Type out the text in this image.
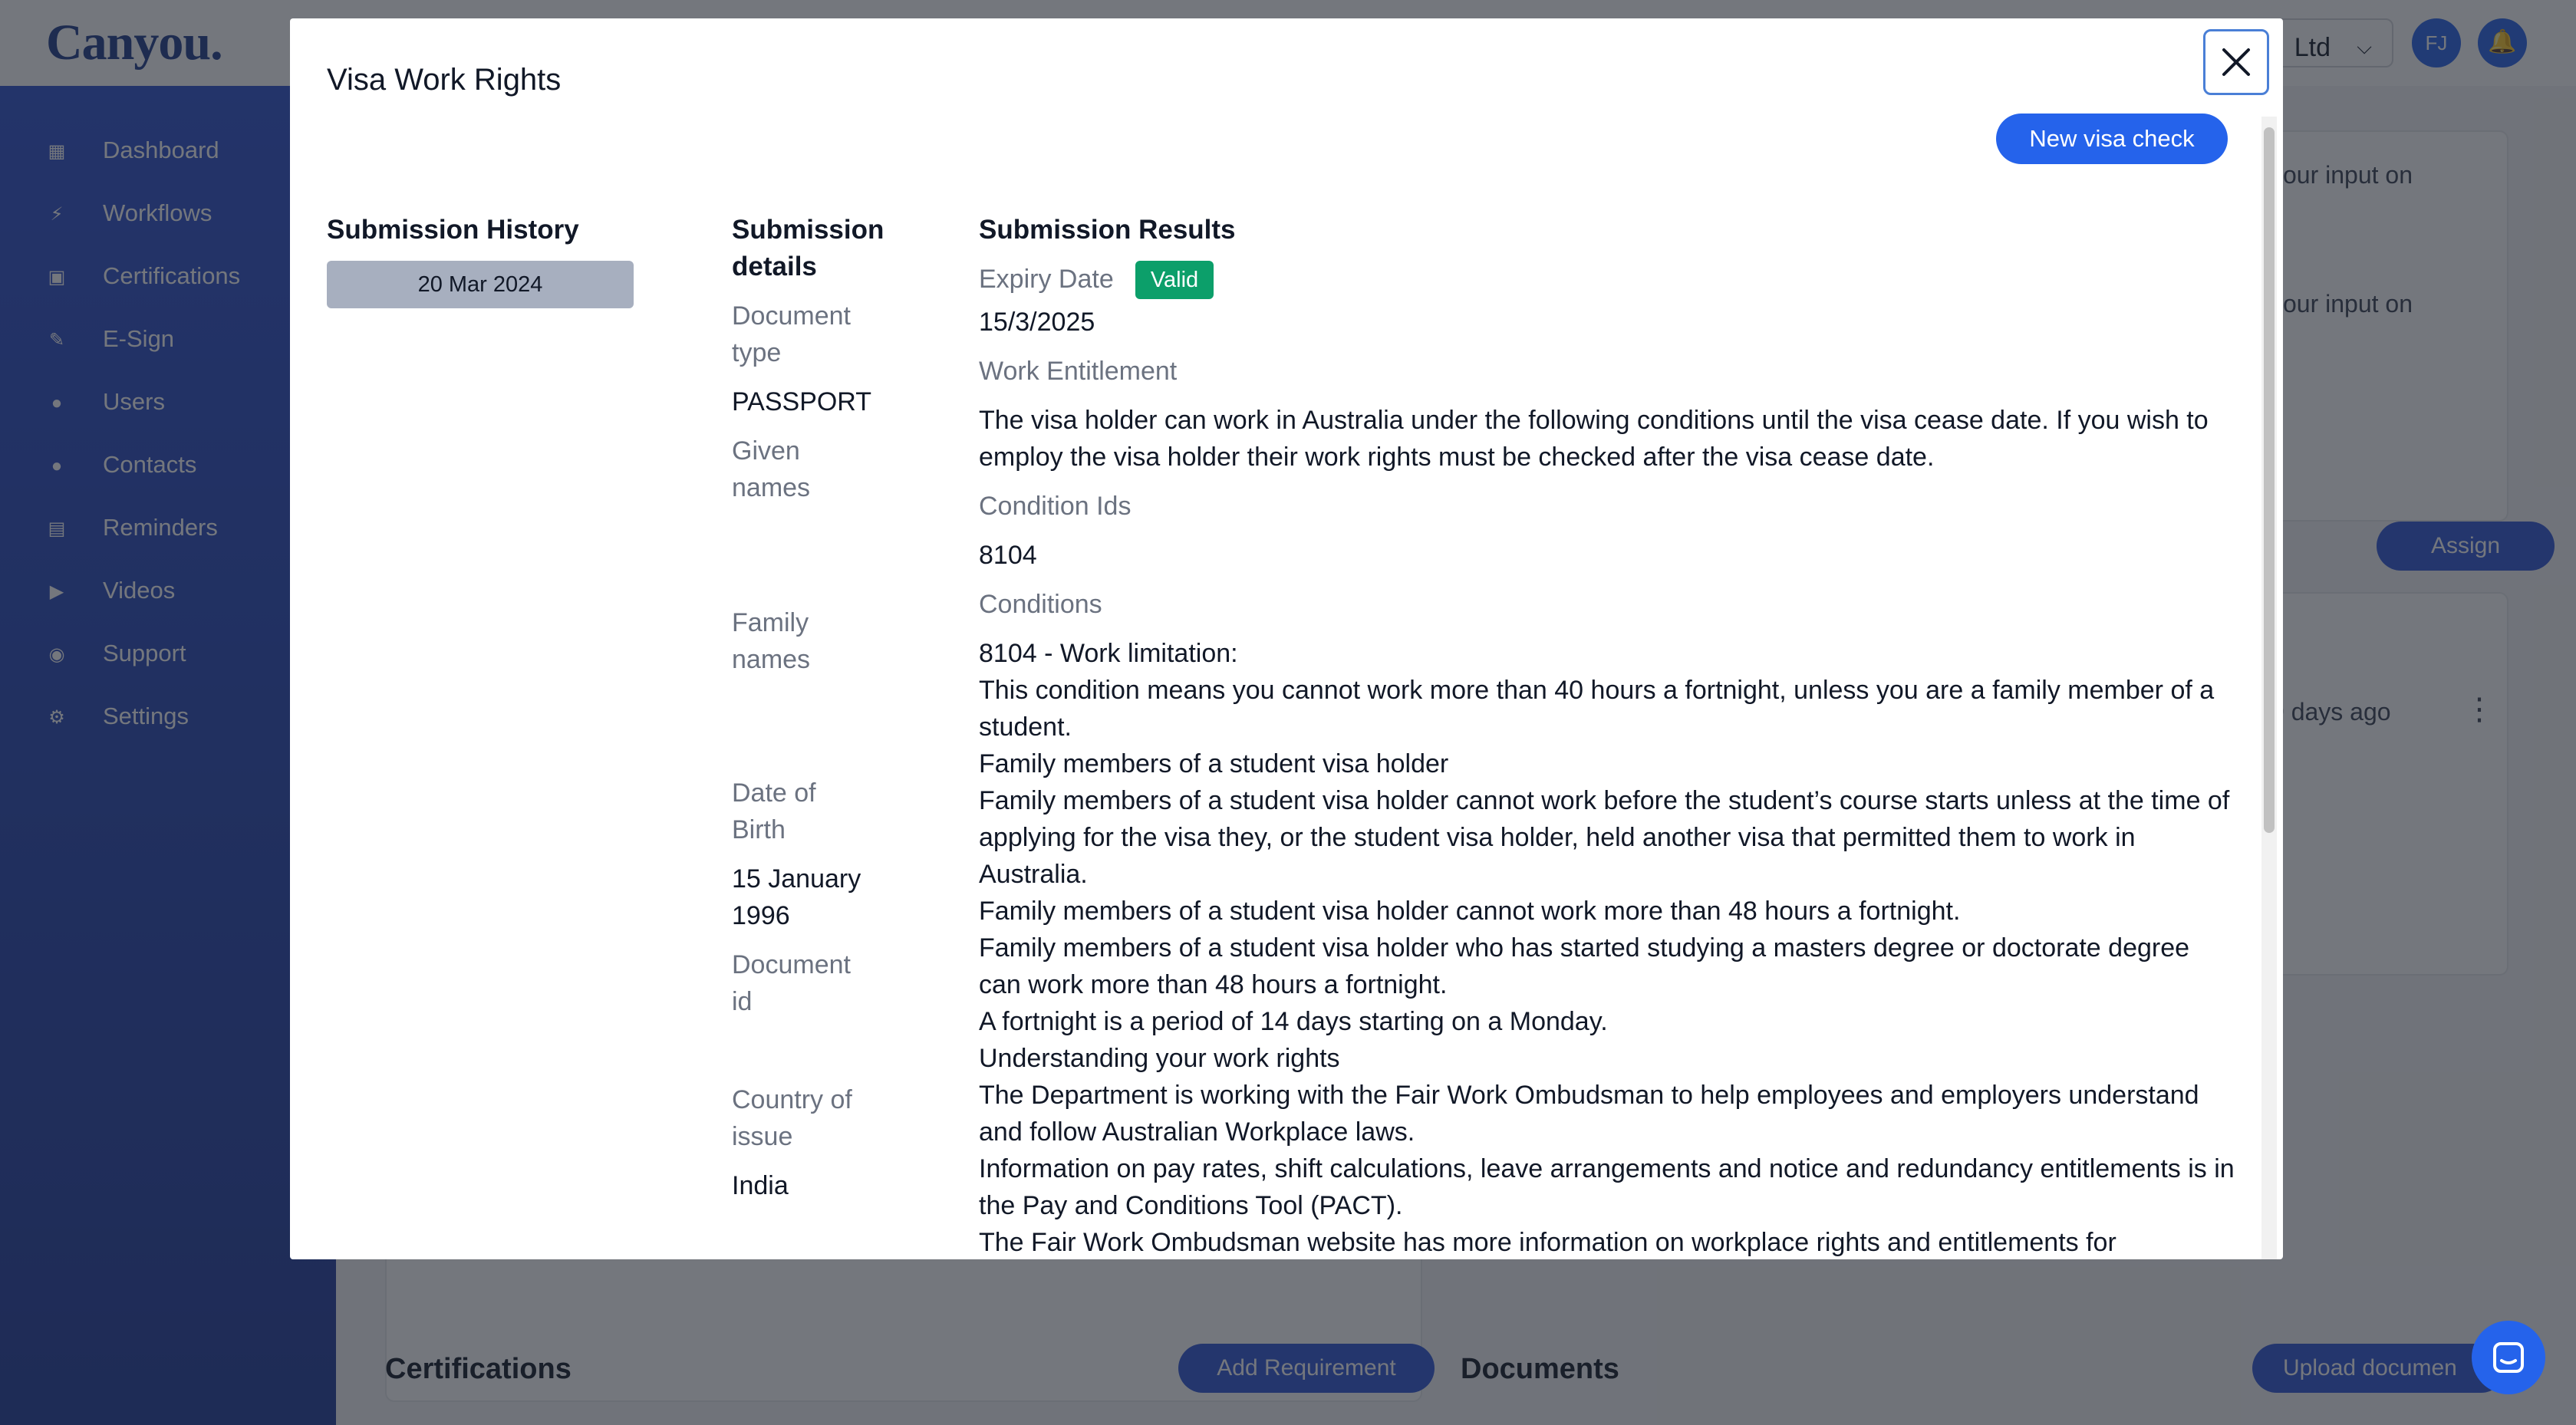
Visa Work Rights
New visa check
Submission History
20 Mar 2024
Submission
details
Document
type
PASSPORT
Given
names
Family
names
Date of
Birth
15 January
1996
Document
id
Country of
issue
India
Submission Results
Expiry Date	Valid
15/3/2025
Work Entitlement
The visa holder can work in Australia under the following conditions until the visa cease date. If you wish to employ the visa holder their work rights must be checked after the visa cease date.
Condition Ids
8104
Conditions
8104 - Work limitation:
This condition means you cannot work more than 40 hours a fortnight, unless you are a family member of a student.
Family members of a student visa holder
Family members of a student visa holder cannot work before the student’s course starts unless at the time of applying for the visa they, or the student visa holder, held another visa that permitted them to work in Australia.
Family members of a student visa holder cannot work more than 48 hours a fortnight.
Family members of a student visa holder who has started studying a masters degree or doctorate degree can work more than 48 hours a fortnight.
A fortnight is a period of 14 days starting on a Monday.
Understanding your work rights
The Department is working with the Fair Work Ombudsman to help employees and employers understand and follow Australian Workplace laws.
Information on pay rates, shift calculations, leave arrangements and notice and redundancy entitlements is in the Pay and Conditions Tool (PACT).
The Fair Work Ombudsman website has more information on workplace rights and entitlements for
